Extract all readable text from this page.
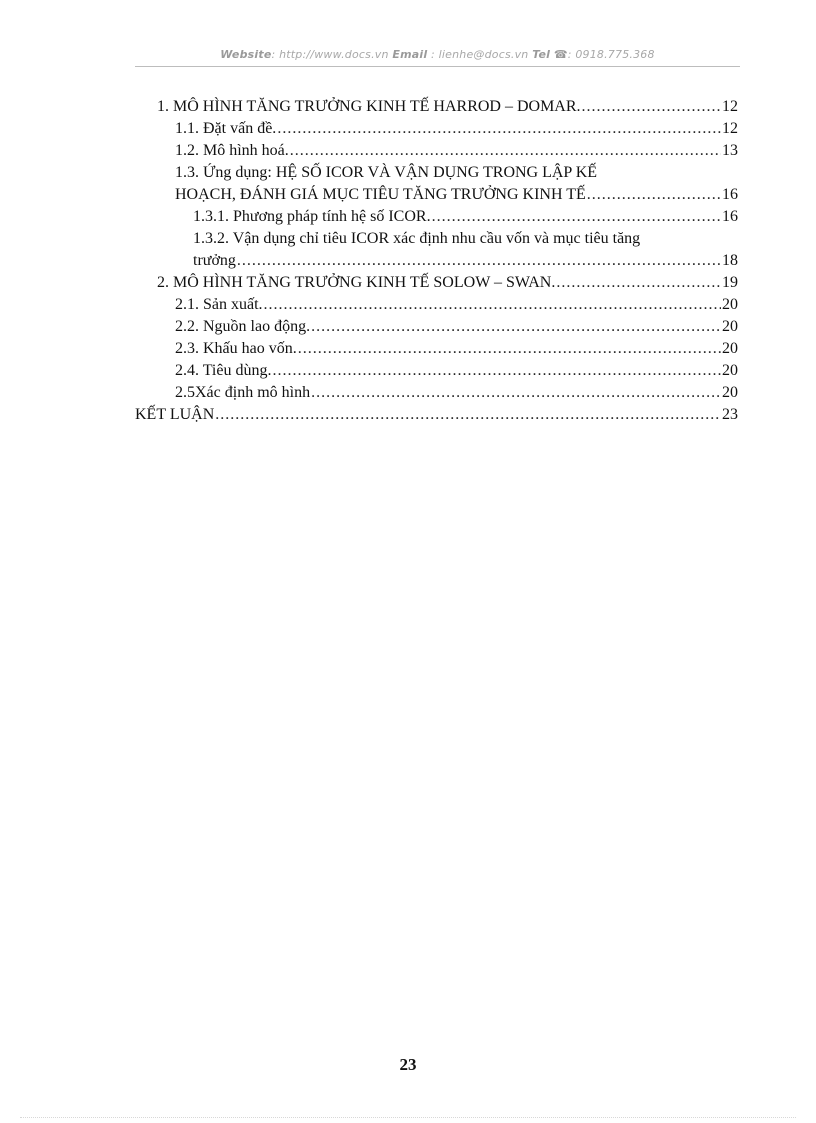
Website: http://www.docs.vn Email : lienhe@docs.vn Tel ☎: 0918.775.368
1. MÔ HÌNH TĂNG TRƯỞNG KINH TẾ HARROD – DOMAR. .....	12
1.1. Đặt vấn đề. .....	12
1.2. Mô hình hoá. .....	13
1.3. Ứng dụng: HỆ SỐ ICOR VÀ VẬN DỤNG TRONG LẬP KẾ
HOẠCH, ĐÁNH GIÁ MỤC TIÊU TĂNG TRƯỞNG KINH TẾ .....	16
1.3.1. Phương pháp tính hệ số ICOR. .....	16
1.3.2. Vận dụng chỉ tiêu ICOR xác định nhu cầu vốn và mục tiêu tăng
trưởng .....	18
2. MÔ HÌNH TĂNG TRƯỞNG KINH TẾ SOLOW – SWAN. .....	19
2.1. Sản xuất. .....	20
2.2. Nguồn lao động. .....	20
2.3. Khấu hao vốn. .....	20
2.4. Tiêu dùng. .....	20
2.5Xác định mô hình .....	20
KẾT LUẬN .....	23
23
